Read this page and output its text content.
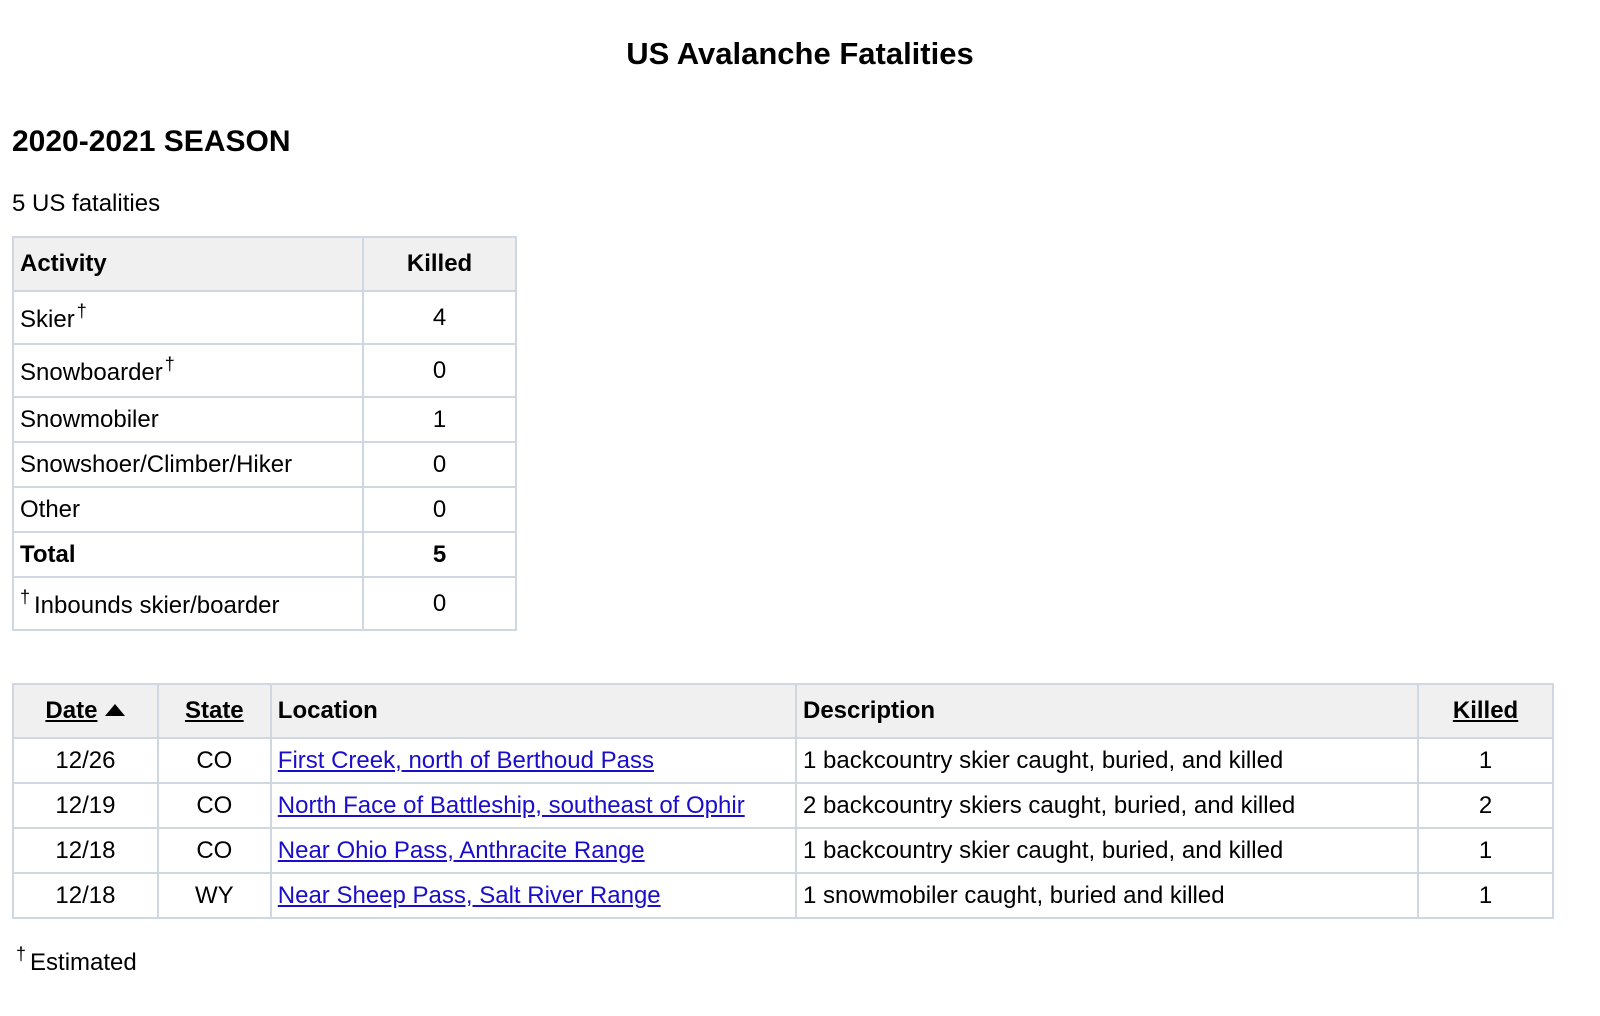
US Avalanche Fatalities
2020-2021 SEASON

5 US fatalities

Activity	Killed
Skier †	4
Snowboarder †	0
Snowmobiler	1
Snowshoer/Climber/Hiker	0
Other	0
Total	5
† Inbounds skier/boarder	0
Date	State	Location	Description	Killed
12/26	CO	First Creek, north of Berthoud Pass	1 backcountry skier caught, buried, and killed	1
12/19	CO	North Face of Battleship, southeast of Ophir	2 backcountry skiers caught, buried, and killed	2
12/18	CO	Near Ohio Pass, Anthracite Range	1 backcountry skier caught, buried, and killed	1
12/18	WY	Near Sheep Pass, Salt River Range	1 snowmobiler caught, buried and killed	1
† Estimated
